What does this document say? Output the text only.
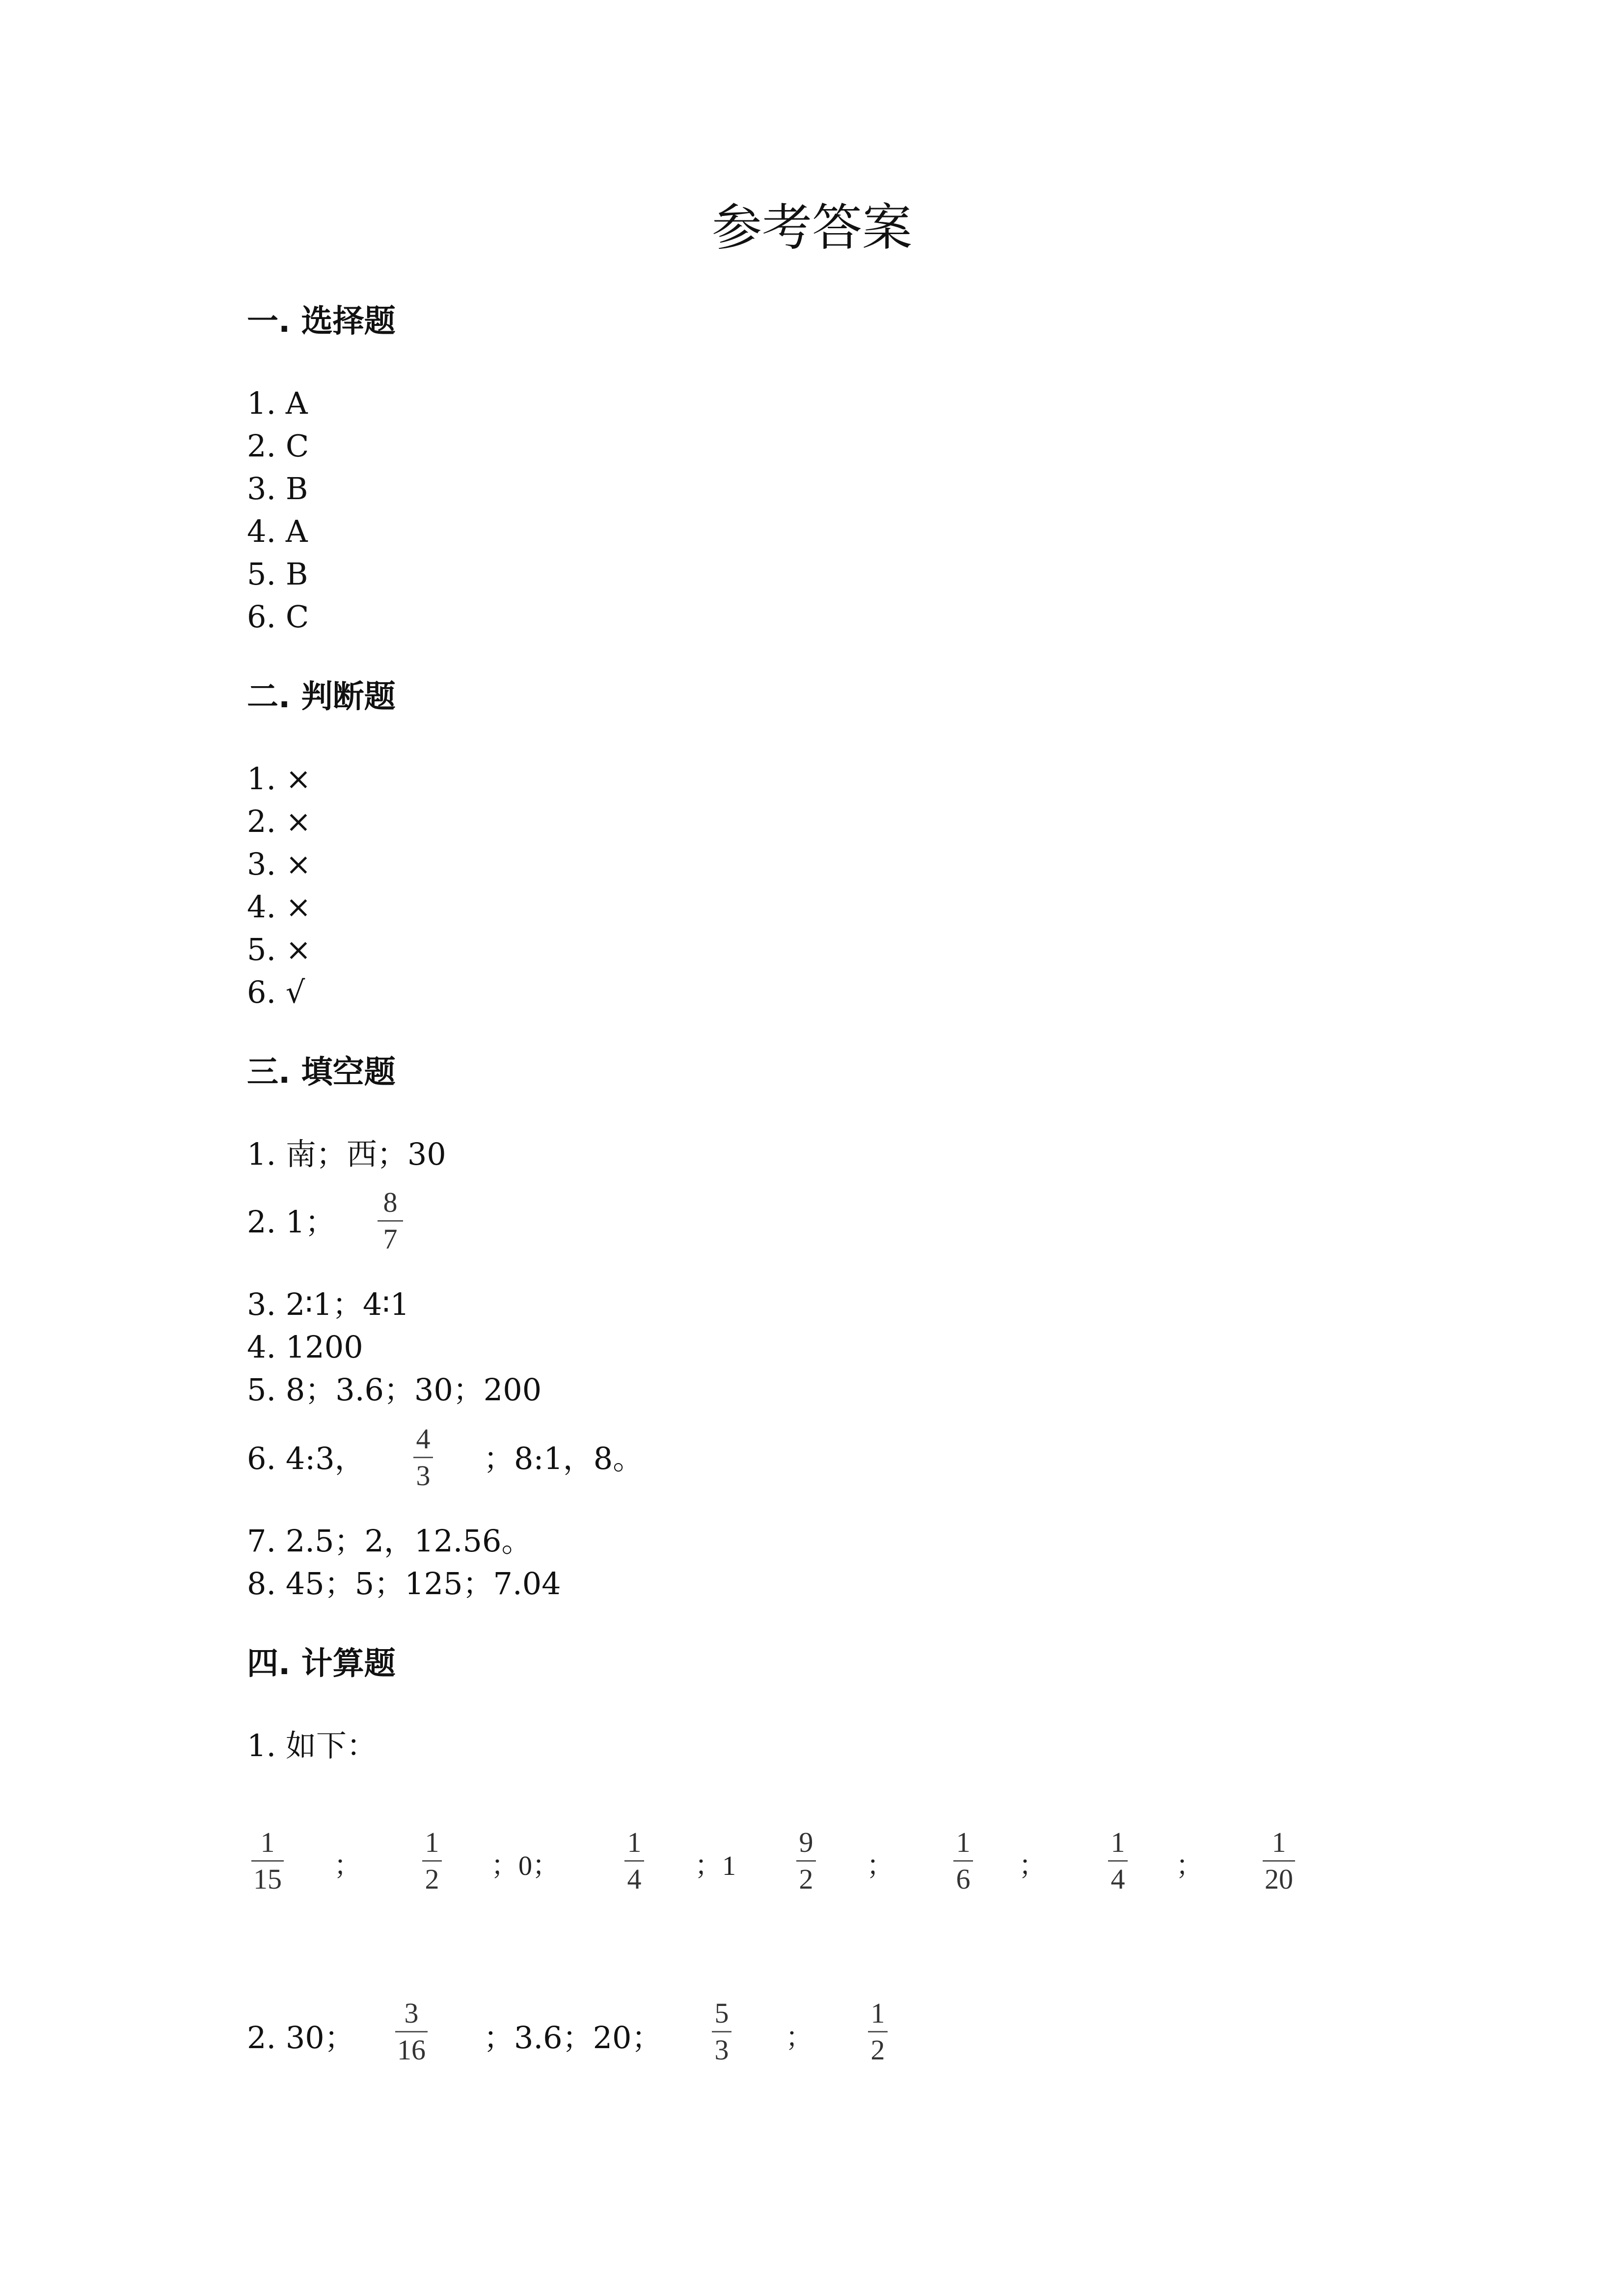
参考答案
一. 选择题
1. A
2. C
3. B
4. A
5. B
6. C
二. 判断题
1. ×
2. ×
3. ×
4. ×
5. ×
6. √
三. 填空题
1. 南；西；30
2. 1；
8
7
3. 2∶1；4∶1
4. 1200
5. 8；3.6；30；200
6. 4:3，
4
3 ；8:1，8。
7. 2.5；2，12.56。
8. 45；5；125；7.04
四. 计算题
1. 如下：
1
15 ；
1
2 ；0；
1
4 ；1
9
2 ；
1
6 ；
1
4 ；
1
20
2. 30；
3
16 ；3.6；20；
5
3 ；
1
2
